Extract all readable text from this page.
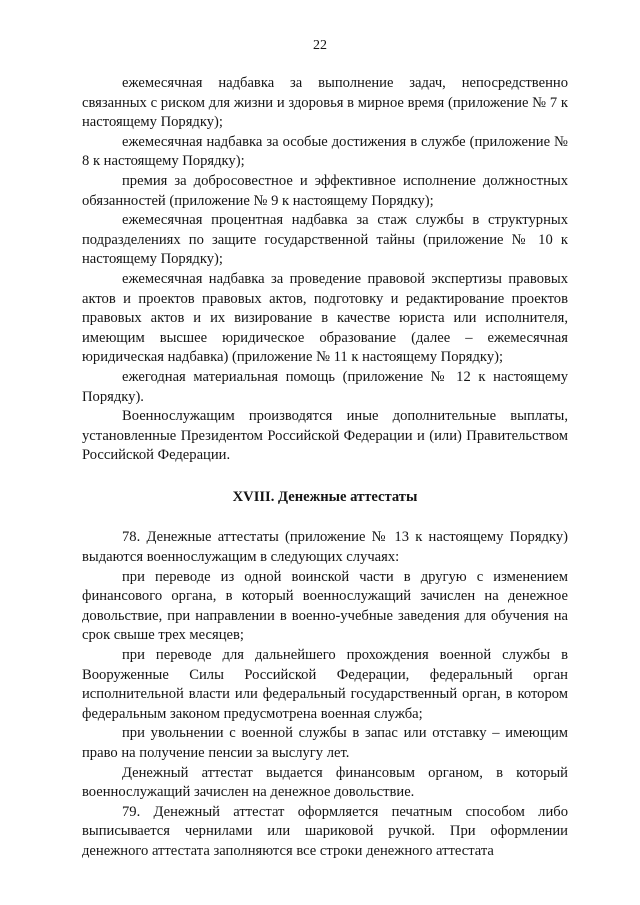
22

ежемесячная надбавка за выполнение задач, непосредственно связанных с риском для жизни и здоровья в мирное время (приложение № 7 к настоящему Порядку);

ежемесячная надбавка за особые достижения в службе (приложение № 8 к настоящему Порядку);

премия за добросовестное и эффективное исполнение должностных обязанностей (приложение № 9 к настоящему Порядку);

ежемесячная процентная надбавка за стаж службы в структурных подразделениях по защите государственной тайны (приложение № 10 к настоящему Порядку);

ежемесячная надбавка за проведение правовой экспертизы правовых актов и проектов правовых актов, подготовку и редактирование проектов правовых актов и их визирование в качестве юриста или исполнителя, имеющим высшее юридическое образование (далее – ежемесячная юридическая надбавка) (приложение № 11 к настоящему Порядку);

ежегодная материальная помощь (приложение № 12 к настоящему Порядку).

Военнослужащим производятся иные дополнительные выплаты, установленные Президентом Российской Федерации и (или) Правительством Российской Федерации.

XVIII. Денежные аттестаты

78. Денежные аттестаты (приложение № 13 к настоящему Порядку) выдаются военнослужащим в следующих случаях:

при переводе из одной воинской части в другую с изменением финансового органа, в который военнослужащий зачислен на денежное довольствие, при направлении в военно-учебные заведения для обучения на срок свыше трех месяцев;

при переводе для дальнейшего прохождения военной службы в Вооруженные Силы Российской Федерации, федеральный орган исполнительной власти или федеральный государственный орган, в котором федеральным законом предусмотрена военная служба;

при увольнении с военной службы в запас или отставку – имеющим право на получение пенсии за выслугу лет.

Денежный аттестат выдается финансовым органом, в который военнослужащий зачислен на денежное довольствие.

79. Денежный аттестат оформляется печатным способом либо выписывается чернилами или шариковой ручкой. При оформлении денежного аттестата заполняются все строки денежного аттестата
